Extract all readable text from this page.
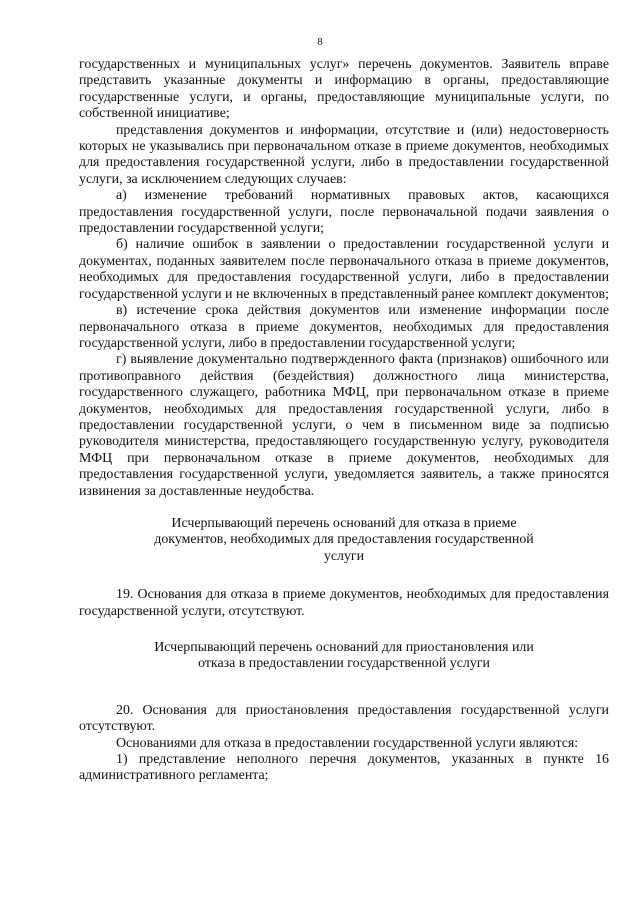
8

государственных и муниципальных услуг» перечень документов. Заявитель вправе представить указанные документы и информацию в органы, предоставляющие государственные услуги, и органы, предоставляющие муниципальные услуги, по собственной инициативе;

представления документов и информации, отсутствие и (или) недостоверность которых не указывались при первоначальном отказе в приеме документов, необходимых для предоставления государственной услуги, либо в предоставлении государственной услуги, за исключением следующих случаев:

а) изменение требований нормативных правовых актов, касающихся предоставления государственной услуги, после первоначальной подачи заявления о предоставлении государственной услуги;

б) наличие ошибок в заявлении о предоставлении государственной услуги и документах, поданных заявителем после первоначального отказа в приеме документов, необходимых для предоставления государственной услуги, либо в предоставлении государственной услуги и не включенных в представленный ранее комплект документов;

в) истечение срока действия документов или изменение информации после первоначального отказа в приеме документов, необходимых для предоставления государственной услуги, либо в предоставлении государственной услуги;

г) выявление документально подтвержденного факта (признаков) ошибочного или противоправного действия (бездействия) должностного лица министерства, государственного служащего, работника МФЦ, при первоначальном отказе в приеме документов, необходимых для предоставления государственной услуги, либо в предоставлении государственной услуги, о чем в письменном виде за подписью руководителя министерства, предоставляющего государственную услугу, руководителя МФЦ при первоначальном отказе в приеме документов, необходимых для предоставления государственной услуги, уведомляется заявитель, а также приносятся извинения за доставленные неудобства.

Исчерпывающий перечень оснований для отказа в приеме документов, необходимых для предоставления государственной услуги

19. Основания для отказа в приеме документов, необходимых для предоставления государственной услуги, отсутствуют.

Исчерпывающий перечень оснований для приостановления или отказа в предоставлении государственной услуги

20. Основания для приостановления предоставления государственной услуги отсутствуют.

Основаниями для отказа в предоставлении государственной услуги являются:

1) представление неполного перечня документов, указанных в пункте 16 административного регламента;
